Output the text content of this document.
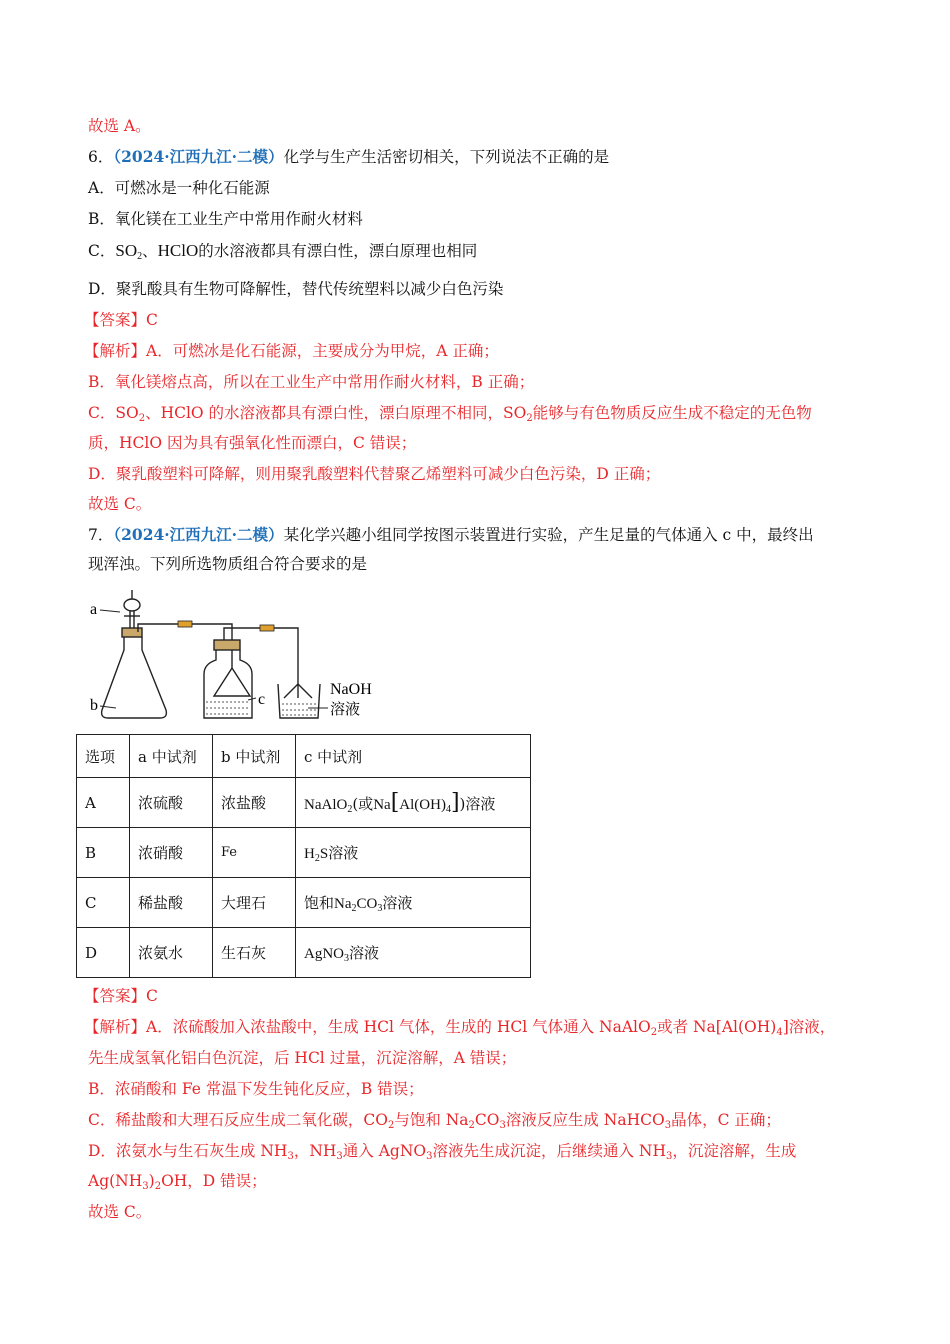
故选 A。
6．（2024·江西九江·二模）化学与生产生活密切相关，下列说法不正确的是
A．可燃冰是一种化石能源
B．氧化镁在工业生产中常用作耐火材料
C．$SO_2$、HClO的水溶液都具有漂白性，漂白原理也相同
D．聚乳酸具有生物可降解性，替代传统塑料以减少白色污染
【答案】C
【解析】A．可燃冰是化石能源，主要成分为甲烷，A 正确；
B．氧化镁熔点高，所以在工业生产中常用作耐火材料，B 正确；
C．$SO_2$、HClO 的水溶液都具有漂白性，漂白原理不相同，$SO_2$能够与有色物质反应生成不稳定的无色物
质，HClO 因为具有强氧化性而漂白，C 错误；
D．聚乳酸塑料可降解，则用聚乳酸塑料代替聚乙烯塑料可减少白色污染，D 正确；
故选 C。
7．（2024·江西九江·二模）某化学兴趣小组同学按图示装置进行实验，产生足量的气体通入 c 中，最终出
现浑浊。下列所选物质组合符合要求的是
a
b	c
NaOH
溶液
选项	a 中试剂	b 中试剂	c 中试剂
A	浓硫酸	浓盐酸	NaAlO$_2$(或$Na[Al(OH)_4]$)溶液
B	浓硝酸	Fe	$H_2S$溶液
C	稀盐酸	大理石	饱和$Na_2CO_3$溶液
D	浓氨水	生石灰	AgNO$_3$溶液
【答案】C
【解析】A．浓硫酸加入浓盐酸中，生成 HCl 气体，生成的 HCl 气体通入 NaAlO$_2$或者 $Na[Al(OH)_4]$溶液，
先生成氢氧化铝白色沉淀，后 HCl 过量，沉淀溶解，A 错误；
B．浓硝酸和 Fe 常温下发生钝化反应，B 错误；
C．稀盐酸和大理石反应生成二氧化碳，$CO_2$与饱和 $Na_2CO_3$溶液反应生成 NaHCO$_3$晶体，C 正确；
D．浓氨水与生石灰生成 $NH_3$，$NH_3$通入 AgNO$_3$溶液先生成沉淀，后继续通入 $NH_3$，沉淀溶解，生成
$Ag(NH_3)_2OH$，D 错误；
故选 C。
